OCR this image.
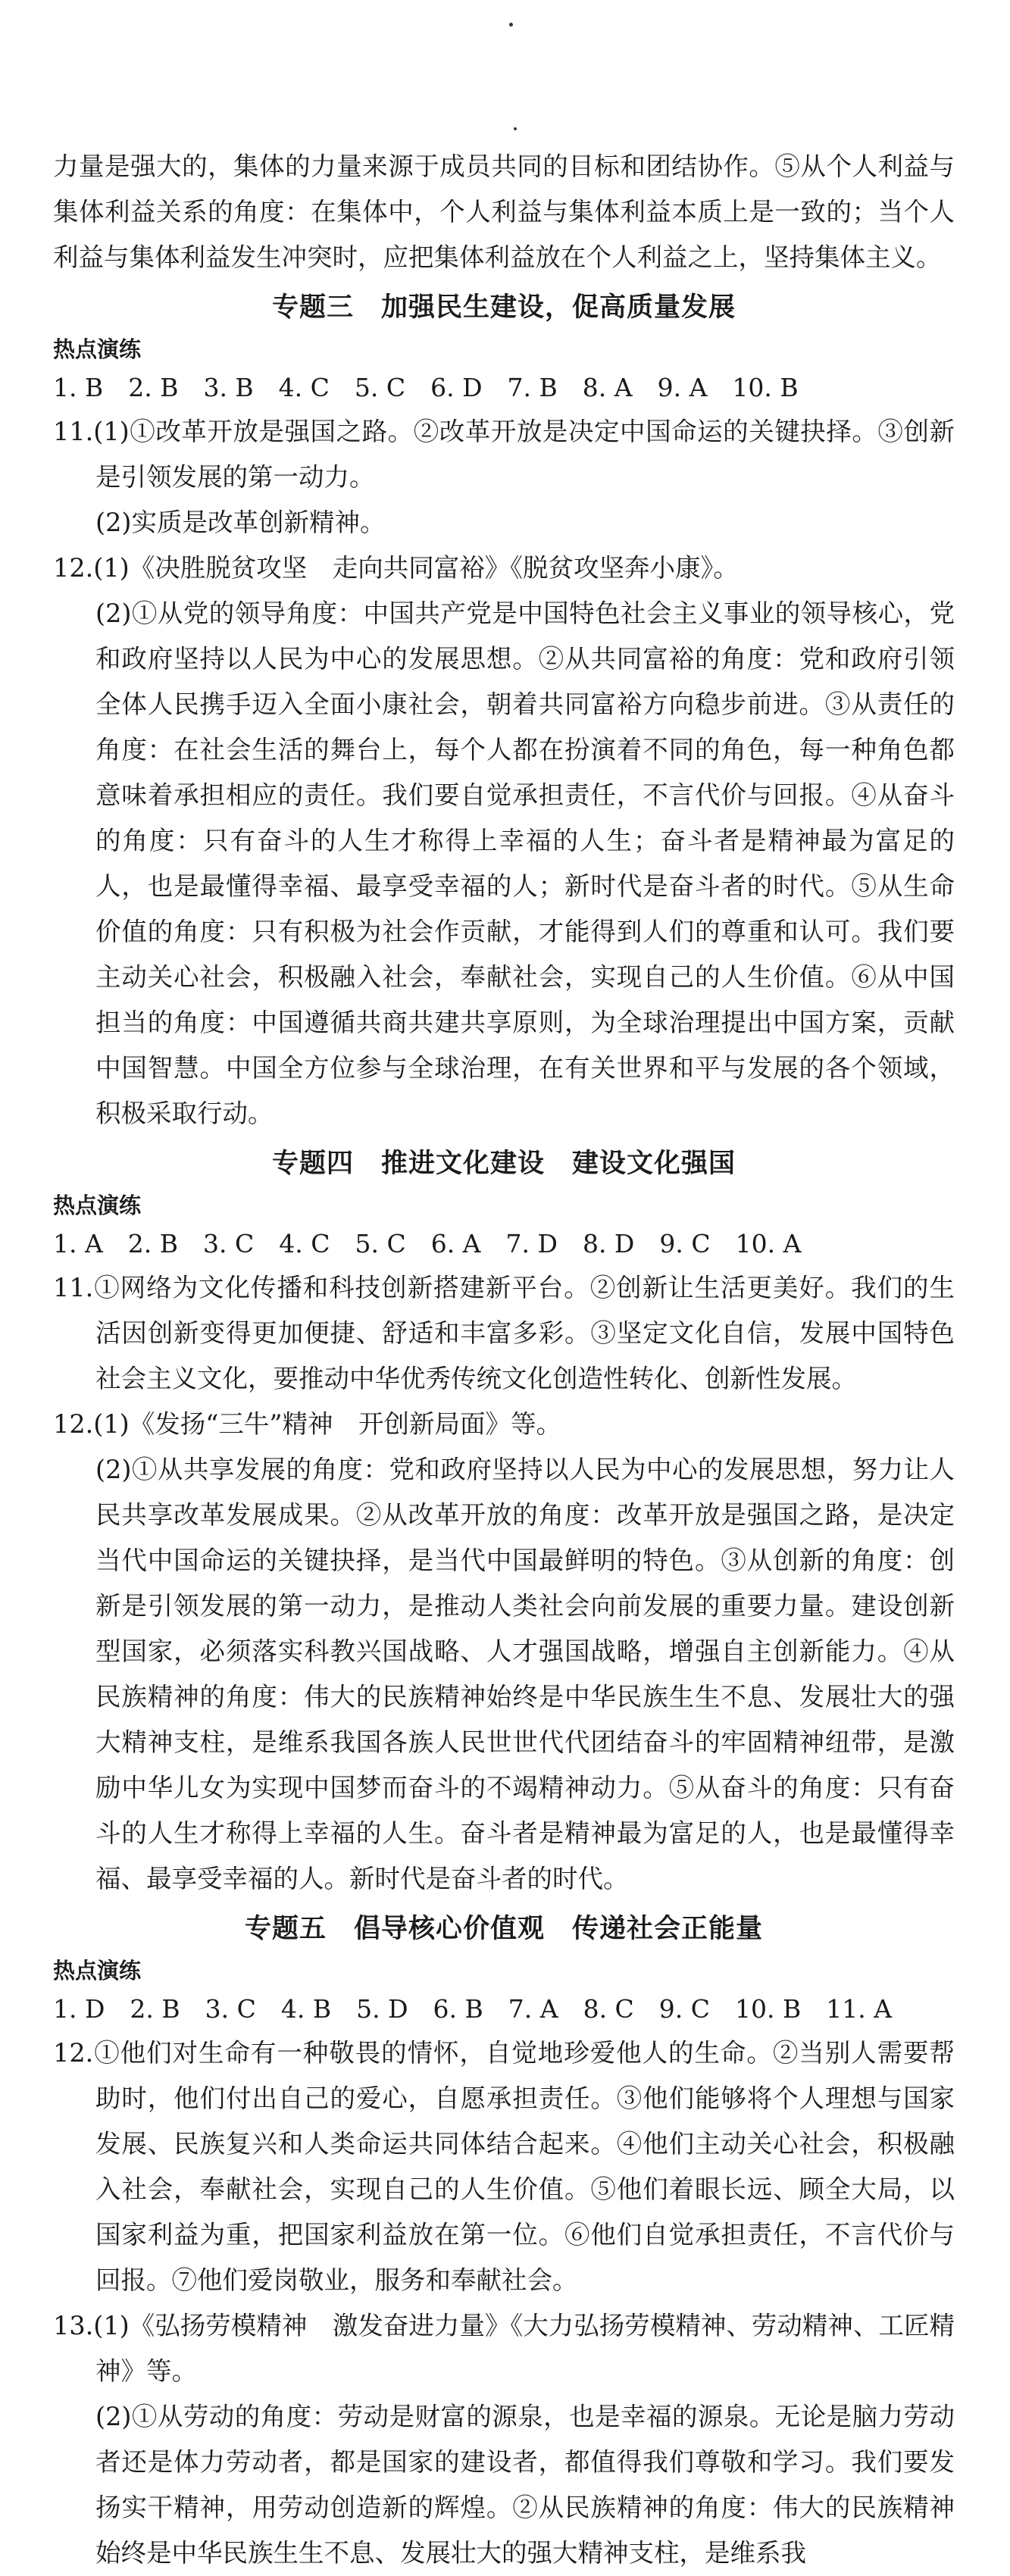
力量是强大的，集体的力量来源于成员共同的目标和团结协作。⑤从个人利益与集体利益关系的角度：在集体中，个人利益与集体利益本质上是一致的；当个人利益与集体利益发生冲突时，应把集体利益放在个人利益之上，坚持集体主义。

专题三　加强民生建设，促高质量发展

热点演练

1. B　2. B　3. B　4. C　5. C　6. D　7. B　8. A　9. A　10. B

11.(1)①改革开放是强国之路。②改革开放是决定中国命运的关键抉择。③创新是引领发展的第一动力。

(2)实质是改革创新精神。

12.(1)《决胜脱贫攻坚　走向共同富裕》《脱贫攻坚奔小康》。

(2)①从党的领导角度：中国共产党是中国特色社会主义事业的领导核心，党和政府坚持以人民为中心的发展思想。②从共同富裕的角度：党和政府引领全体人民携手迈入全面小康社会，朝着共同富裕方向稳步前进。③从责任的角度：在社会生活的舞台上，每个人都在扮演着不同的角色，每一种角色都意味着承担相应的责任。我们要自觉承担责任，不言代价与回报。④从奋斗的角度：只有奋斗的人生才称得上幸福的人生；奋斗者是精神最为富足的人，也是最懂得幸福、最享受幸福的人；新时代是奋斗者的时代。⑤从生命价值的角度：只有积极为社会作贡献，才能得到人们的尊重和认可。我们要主动关心社会，积极融入社会，奉献社会，实现自己的人生价值。⑥从中国担当的角度：中国遵循共商共建共享原则，为全球治理提出中国方案，贡献中国智慧。中国全方位参与全球治理，在有关世界和平与发展的各个领域，积极采取行动。

专题四　推进文化建设　建设文化强国

热点演练

1. A　2. B　3. C　4. C　5. C　6. A　7. D　8. D　9. C　10. A

11.①网络为文化传播和科技创新搭建新平台。②创新让生活更美好。我们的生活因创新变得更加便捷、舒适和丰富多彩。③坚定文化自信，发展中国特色社会主义文化，要推动中华优秀传统文化创造性转化、创新性发展。
12.(1)《发扬“三牛”精神　开创新局面》等。

(2)①从共享发展的角度：党和政府坚持以人民为中心的发展思想，努力让人民共享改革发展成果。②从改革开放的角度：改革开放是强国之路，是决定当代中国命运的关键抉择，是当代中国最鲜明的特色。③从创新的角度：创新是引领发展的第一动力，是推动人类社会向前发展的重要力量。建设创新型国家，必须落实科教兴国战略、人才强国战略，增强自主创新能力。④从民族精神的角度：伟大的民族精神始终是中华民族生生不息、发展壮大的强大精神支柱，是维系我国各族人民世世代代团结奋斗的牢固精神纽带，是激励中华儿女为实现中国梦而奋斗的不竭精神动力。⑤从奋斗的角度：只有奋斗的人生才称得上幸福的人生。奋斗者是精神最为富足的人，也是最懂得幸福、最享受幸福的人。新时代是奋斗者的时代。

专题五　倡导核心价值观　传递社会正能量

热点演练

1. D　2. B　3. C　4. B　5. D　6. B　7. A　8. C　9. C　10. B　11. A

12.①他们对生命有一种敬畏的情怀，自觉地珍爱他人的生命。②当别人需要帮助时，他们付出自己的爱心，自愿承担责任。③他们能够将个人理想与国家发展、民族复兴和人类命运共同体结合起来。④他们主动关心社会，积极融入社会，奉献社会，实现自己的人生价值。⑤他们着眼长远、顾全大局，以国家利益为重，把国家利益放在第一位。⑥他们自觉承担责任，不言代价与回报。⑦他们爱岗敬业，服务和奉献社会。
13.(1)《弘扬劳模精神　激发奋进力量》《大力弘扬劳模精神、劳动精神、工匠精神》等。

(2)①从劳动的角度：劳动是财富的源泉，也是幸福的源泉。无论是脑力劳动者还是体力劳动者，都是国家的建设者，都值得我们尊敬和学习。我们要发扬实干精神，用劳动创造新的辉煌。②从民族精神的角度：伟大的民族精神始终是中华民族生生不息、发展壮大的强大精神支柱，是维系我
